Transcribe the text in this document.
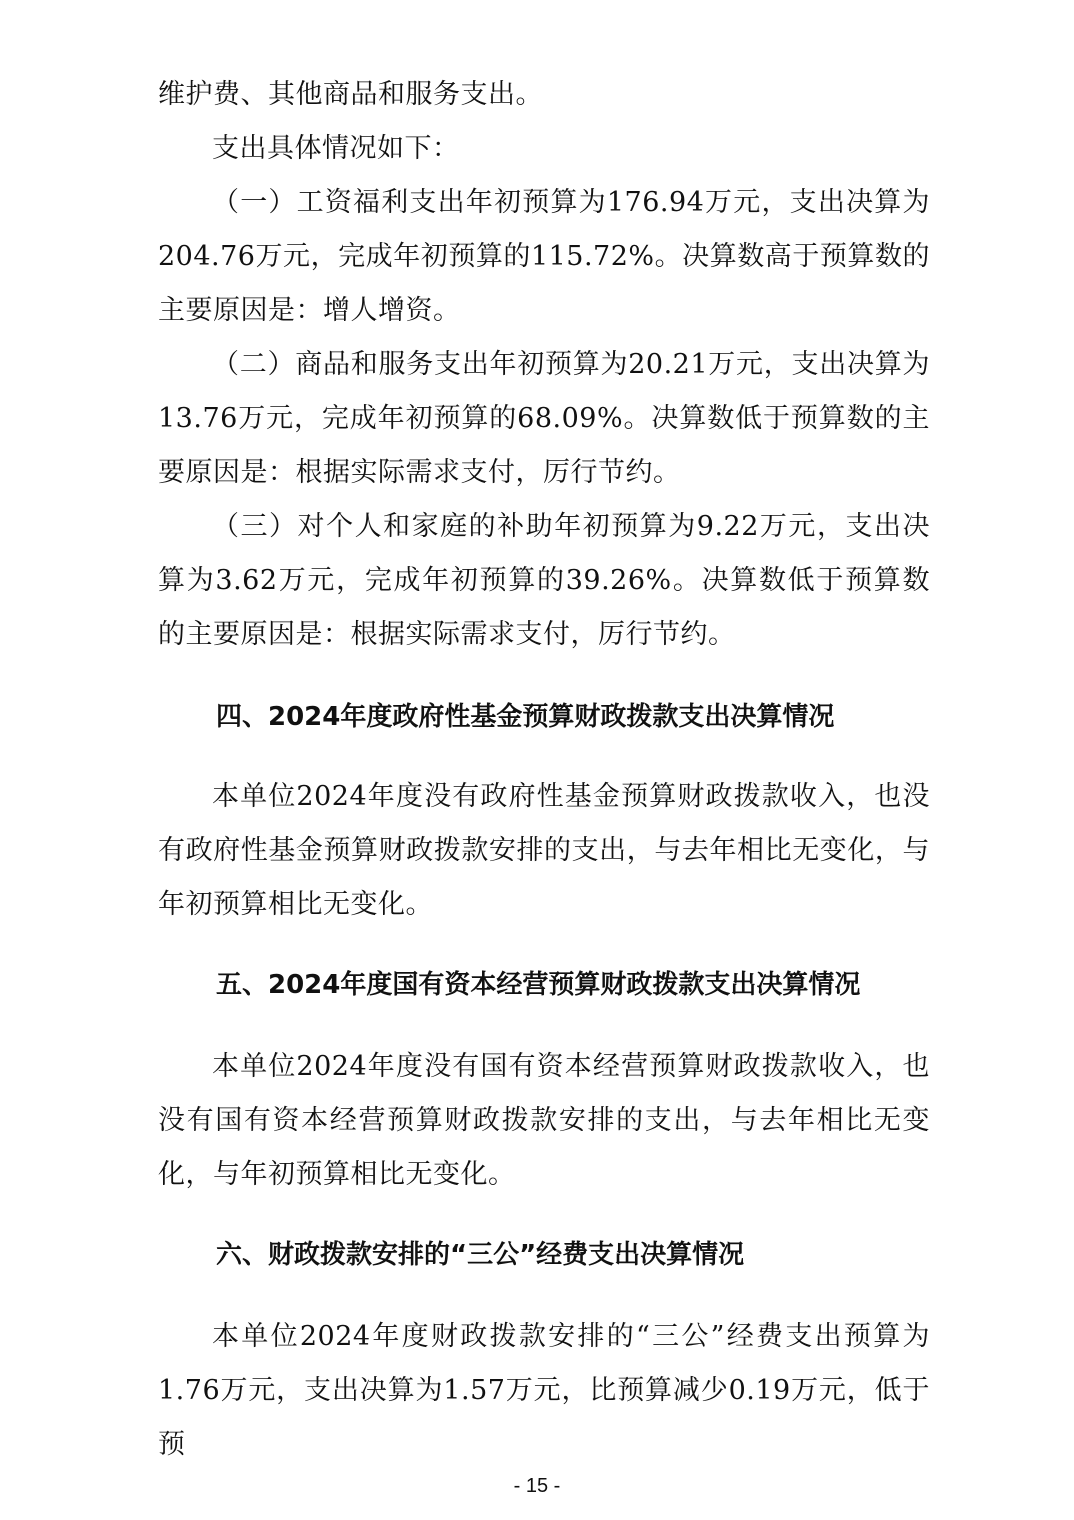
维护费、其他商品和服务支出。

支出具体情况如下：

（一）工资福利支出年初预算为176.94万元，支出决算为204.76万元，完成年初预算的115.72%。决算数高于预算数的主要原因是：增人增资。

（二）商品和服务支出年初预算为20.21万元，支出决算为13.76万元，完成年初预算的68.09%。决算数低于预算数的主要原因是：根据实际需求支付，厉行节约。

（三）对个人和家庭的补助年初预算为9.22万元，支出决算为3.62万元，完成年初预算的39.26%。决算数低于预算数的主要原因是：根据实际需求支付，厉行节约。

四、2024年度政府性基金预算财政拨款支出决算情况

本单位2024年度没有政府性基金预算财政拨款收入，也没有政府性基金预算财政拨款安排的支出，与去年相比无变化，与年初预算相比无变化。

五、2024年度国有资本经营预算财政拨款支出决算情况

本单位2024年度没有国有资本经营预算财政拨款收入，也没有国有资本经营预算财政拨款安排的支出，与去年相比无变化，与年初预算相比无变化。

六、财政拨款安排的“三公”经费支出决算情况

本单位2024年度财政拨款安排的“三公”经费支出预算为1.76万元，支出决算为1.57万元，比预算减少0.19万元，低于预

- 15 -
